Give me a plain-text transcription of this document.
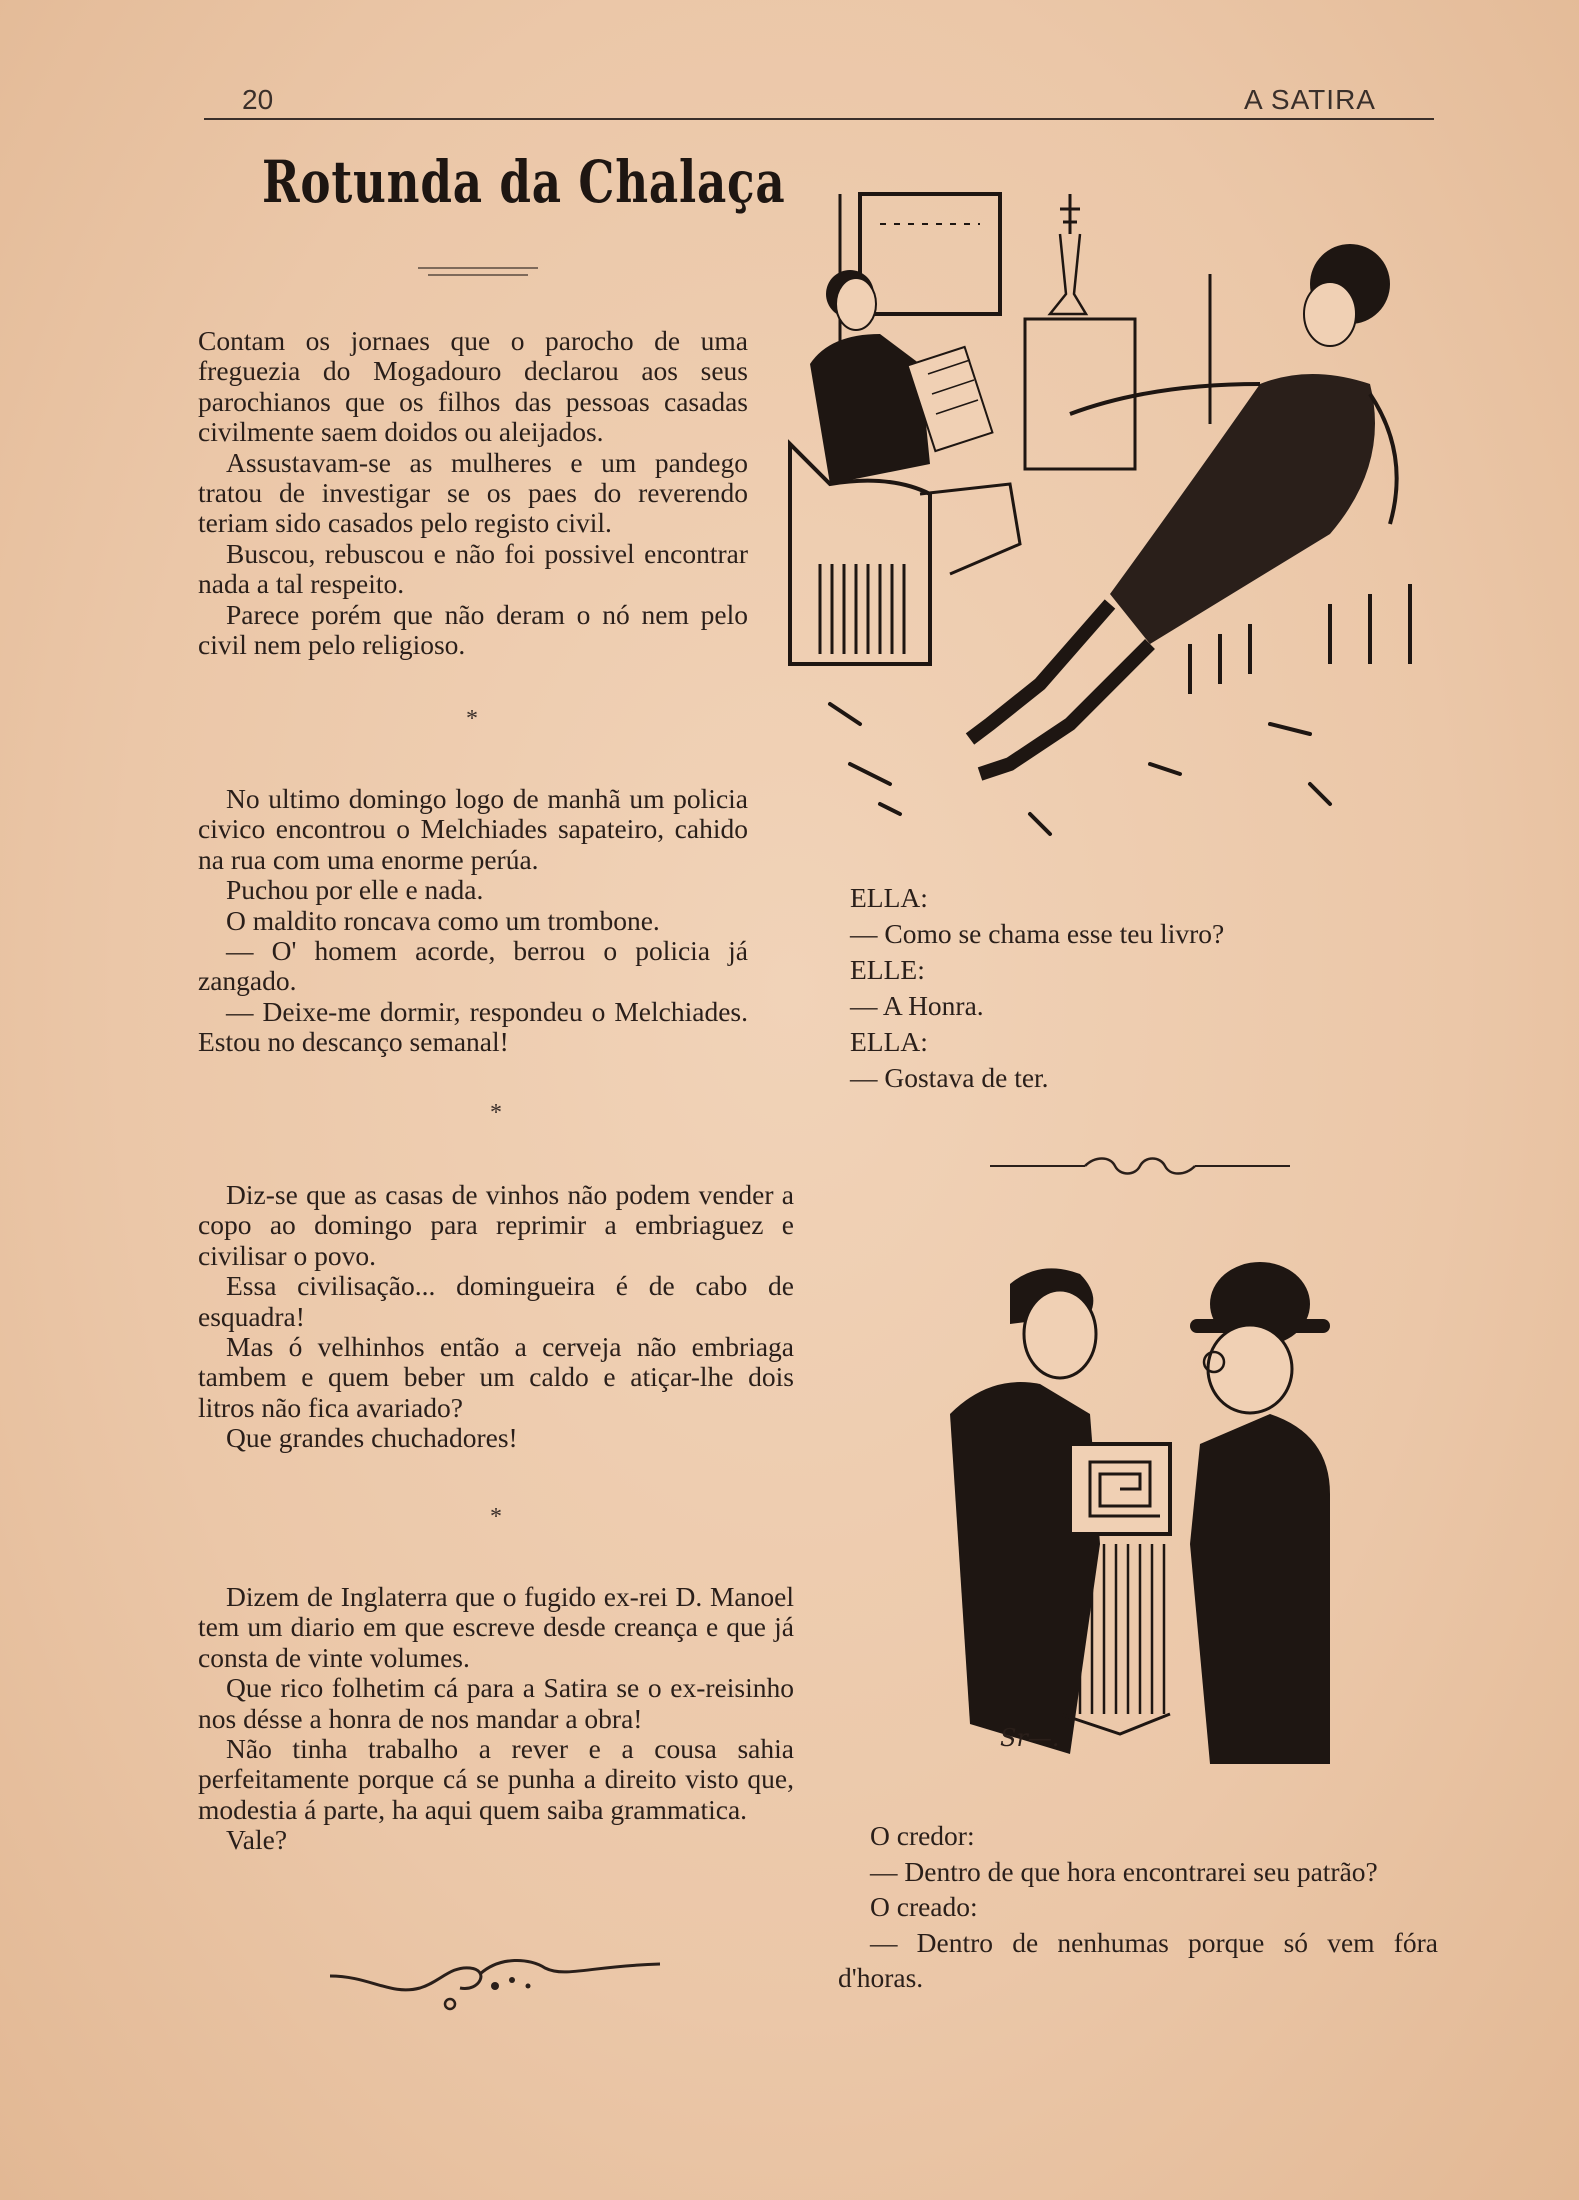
20	A SATIRA
Rotunda da Chalaça

Contam os jornaes que o parocho de uma freguezia do Mogadouro declarou aos seus parochianos que os filhos das pessoas casadas civilmente saem doidos ou aleijados.

Assustavam-se as mulheres e um pandego tratou de investigar se os paes do reverendo teriam sido casados pelo registo civil.

Buscou, rebuscou e não foi possivel encontrar nada a tal respeito.

Parece porém que não deram o nó nem pelo civil nem pelo religioso.

*

No ultimo domingo logo de manhã um policia civico encontrou o Melchiades sapateiro, cahido na rua com uma enorme perúa.

Puchou por elle e nada.

O maldito roncava como um trombone.

— O' homem acorde, berrou o policia já zangado.

— Deixe-me dormir, respondeu o Melchiades. Estou no descanço semanal!

*

Diz-se que as casas de vinhos não podem vender a copo ao domingo para reprimir a embriaguez e civilisar o povo.

Essa civilisação... domingueira é de cabo de esquadra!

Mas ó velhinhos então a cerveja não embriaga tambem e quem beber um caldo e atiçar-lhe dois litros não fica avariado?

Que grandes chuchadores!

*

Dizem de Inglaterra que o fugido ex-rei D. Manoel tem um diario em que escreve desde creança e que já consta de vinte volumes.

Que rico folhetim cá para a Satira se o ex-reisinho nos désse a honra de nos mandar a obra!

Não tinha trabalho a rever e a cousa sahia perfeitamente porque cá se punha a direito visto que, modestia á parte, ha aqui quem saiba grammatica.

Vale?

ELLA:

— Como se chama esse teu livro?

ELLE:

— A Honra.

ELLA:

— Gostava de ter.

Sr—.

O credor:

— Dentro de que hora encontrarei seu patrão?

O creado:

— Dentro de nenhumas porque só vem fóra d'horas.
